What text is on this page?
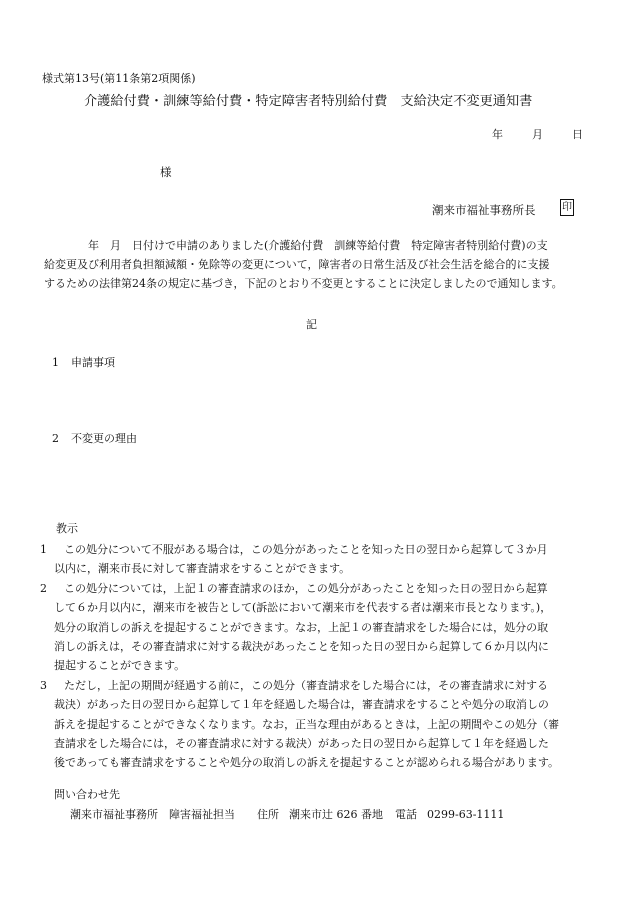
様式第13号(第11条第2項関係)
介護給付費・訓練等給付費・特定障害者特別給付費　支給決定不変更通知書
年	月	日
様
潮来市福祉事務所長	印
　　　　年　月　日付けで申請のありました(介護給付費　訓練等給付費　特定障害者特別給付費)の支
給変更及び利用者負担額減額・免除等の変更について，障害者の日常生活及び社会生活を総合的に支援
するための法律第24条の規定に基づき，下記のとおり不変更とすることに決定しましたので通知します。
記
1 申請事項
2 不変更の理由
教示
1 この処分について不服がある場合は，この処分があったことを知った日の翌日から起算して３か月
以内に，潮来市長に対して審査請求をすることができます。
2 この処分については，上記１の審査請求のほか，この処分があったことを知った日の翌日から起算
して６か月以内に，潮来市を被告として(訴訟において潮来市を代表する者は潮来市長となります。)，
処分の取消しの訴えを提起することができます。なお，上記１の審査請求をした場合には，処分の取
消しの訴えは，その審査請求に対する裁決があったことを知った日の翌日から起算して６か月以内に
提起することができます。
3 ただし，上記の期間が経過する前に，この処分（審査請求をした場合には，その審査請求に対する
裁決）があった日の翌日から起算して１年を経過した場合は，審査請求をすることや処分の取消しの
訴えを提起することができなくなります。なお，正当な理由があるときは，上記の期間やこの処分（審
査請求をした場合には，その審査請求に対する裁決）があった日の翌日から起算して１年を経過した
後であっても審査請求をすることや処分の取消しの訴えを提起することが認められる場合があります。
問い合わせ先
潮来市福祉事務所　障害福祉担当 住所 潮来市辻 626 番地 電話 0299-63-1111
